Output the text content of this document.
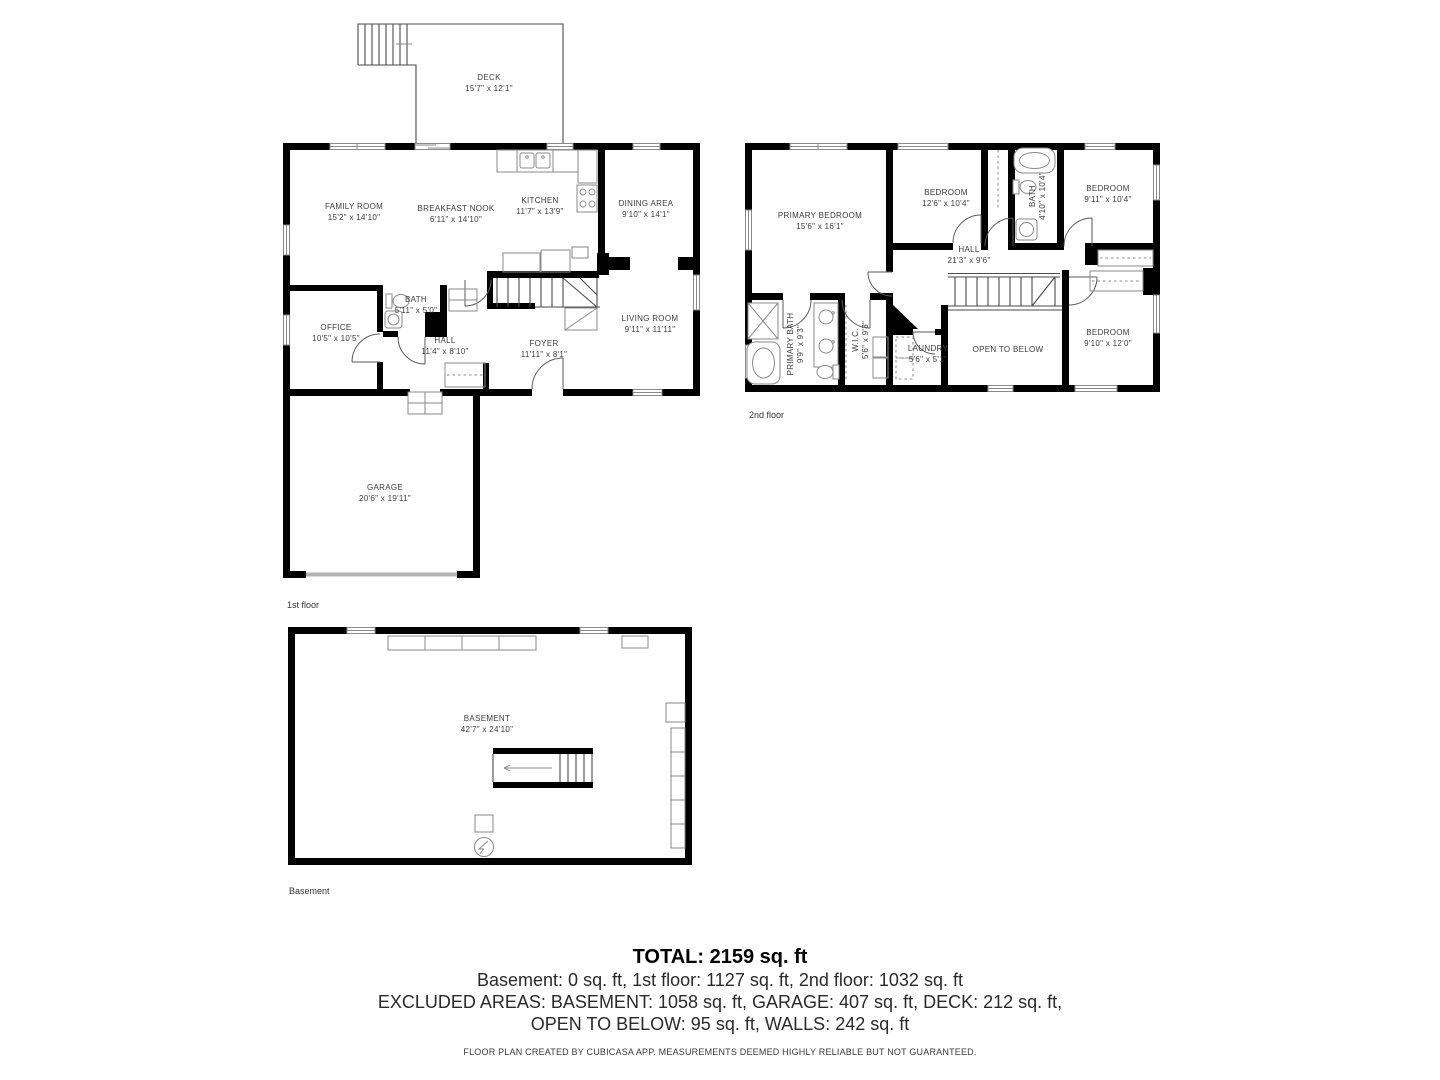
DECK
15'7" x 12'1"
FAMILY ROOM
15'2" x 14'10"
BREAKFAST NOOK
6'11" x 14'10"
KITCHEN
11'7" x 13'9"
DINING AREA
9'10" x 14'1"
OFFICE
10'5" x 10'5"
BATH
5'11" x 5'0"
HALL
11'4" x 8'10"
FOYER
11'11" x 8'1"
LIVING ROOM
9'11" x 11'11"
GARAGE
20'6" x 19'11"
PRIMARY BEDROOM
15'6" x 16'1"
BEDROOM
12'6" x 10'4"
BEDROOM
9'11" x 10'4"
HALL
21'3" x 9'6"
LAUNDRY
5'6" x 5'1"
OPEN TO BELOW
BEDROOM
9'10" x 12'0"
PRIMARY BATH 9'9" x 9'3"	W.I.C. 5'6" x 9'3"
BATH 4'10" x 10'4"
BASEMENT
42'7" x 24'10"
1st floor
2nd floor
Basement
TOTAL: 2159 sq. ft
Basement: 0 sq. ft, 1st floor: 1127 sq. ft, 2nd floor: 1032 sq. ft
EXCLUDED AREAS: BASEMENT: 1058 sq. ft, GARAGE: 407 sq. ft, DECK: 212 sq. ft,
OPEN TO BELOW: 95 sq. ft, WALLS: 242 sq. ft
FLOOR PLAN CREATED BY CUBICASA APP. MEASUREMENTS DEEMED HIGHLY RELIABLE BUT NOT GUARANTEED.
